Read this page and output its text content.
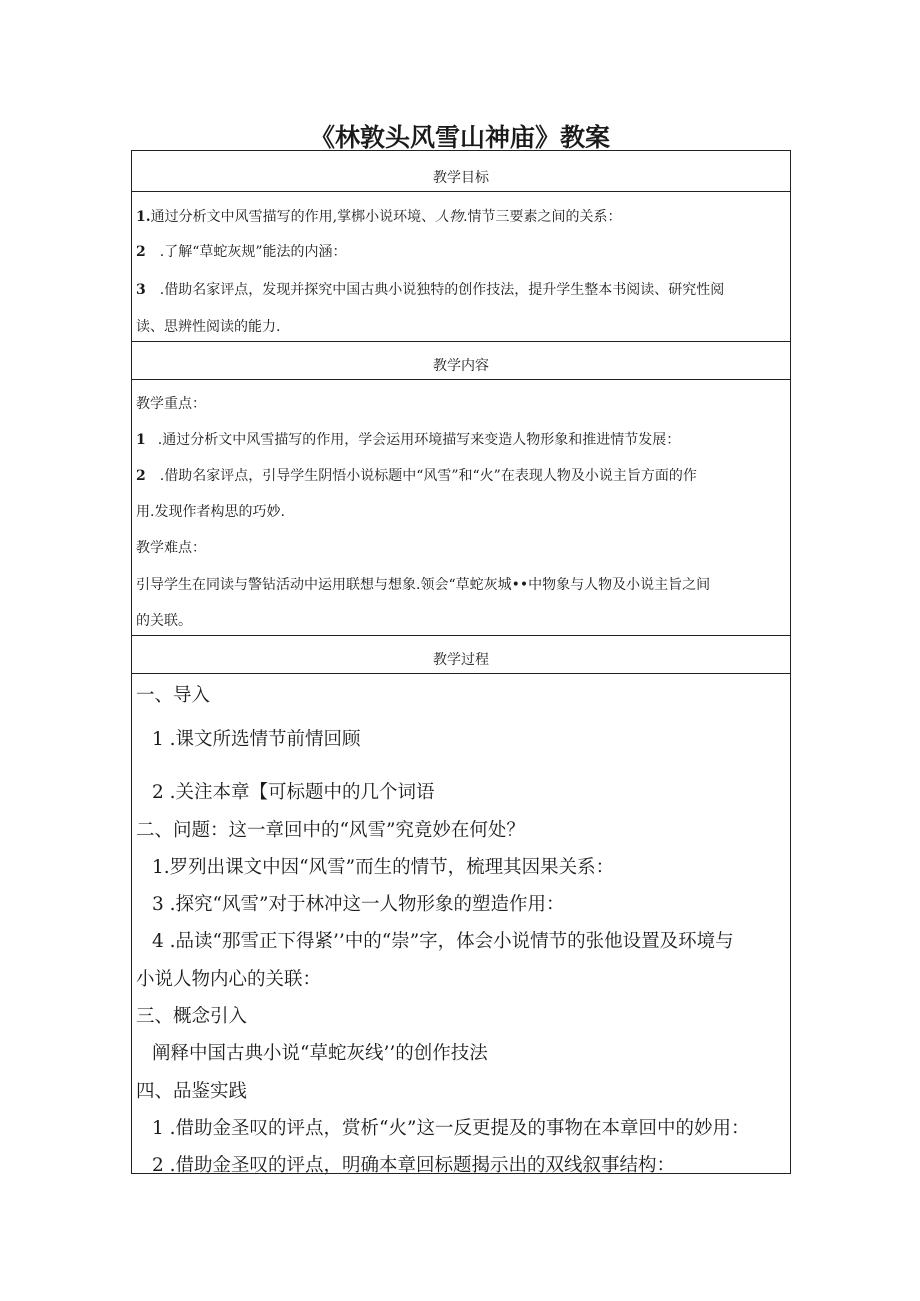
《林敦头风雪山神庙》教案
教学目标
1.通过分析文中风雪描写的作用,掌梆小说环境、人物.情节三要素之间的关系：
2 .了解“草蛇灰规”能法的内涵：
3 .借助名家评点，发现并探究中国古典小说独特的创作技法，提升学生整本书阅读、研究性阅
读、思辨性阅读的能力.
教学内容
教学重点：
1 .通过分析文中风雪描写的作用，学会运用环境描写来变造人物形象和推进情节发展：
2 .借助名家评点，引导学生阴悟小说标题中“风雪”和“火”在表现人物及小说主旨方面的作
用.发现作者构思的巧妙.
教学难点：
引导学生在同读与警钻活动中运用联想与想象.领会“草蛇灰城••中物象与人物及小说主旨之间
的关联。
教学过程
一、导入
1 .课文所选情节前情回顾
2 .关注本章【可标题中的几个词语
二、问题：这一章回中的“风雪”究竟妙在何处？
1.罗列出课文中因“风雪”而生的情节，梳理其因果关系：
3 .探究“风雪”对于林冲这一人物形象的塑造作用：
4 .品读“那雪正下得紧’’中的“崇”字，体会小说情节的张他设置及环境与
小说人物内心的关联：
三、概念引入
阐释中国古典小说“草蛇灰线’’的创作技法
四、品鉴实践
1 .借助金圣叹的评点，赏析“火”这一反更提及的事物在本章回中的妙用：
2 .借助金圣叹的评点，明确本章回标题揭示出的双线叙事结构：
